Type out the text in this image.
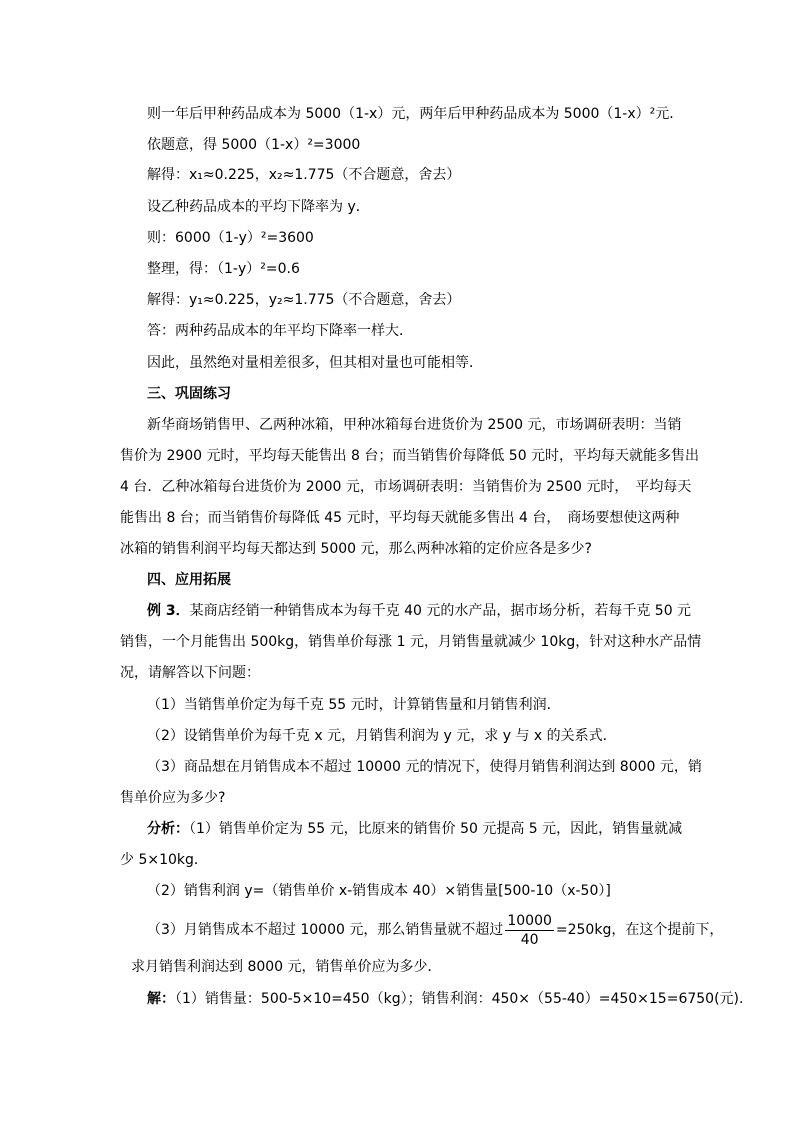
则一年后甲种药品成本为 5000（1-x）元，两年后甲种药品成本为 5000（1-x）²元．
依题意，得 5000（1-x）²=3000
解得：x₁≈0.225，x₂≈1.775（不合题意，舍去）
设乙种药品成本的平均下降率为 y．
则：6000（1-y）²=3600
整理，得：（1-y）²=0.6
解得：y₁≈0.225，y₂≈1.775（不合题意，舍去）
答：两种药品成本的年平均下降率一样大．
因此，虽然绝对量相差很多，但其相对量也可能相等．
三、巩固练习
新华商场销售甲、乙两种冰箱，甲种冰箱每台进货价为 2500 元，市场调研表明：当销
售价为 2900 元时，平均每天能售出 8 台；而当销售价每降低 50 元时，平均每天就能多售出
4 台．乙种冰箱每台进货价为 2000 元，市场调研表明：当销售价为 2500 元时，　平均每天
能售出 8 台；而当销售价每降低 45 元时，平均每天就能多售出 4 台，　商场要想使这两种
冰箱的销售利润平均每天都达到 5000 元，那么两种冰箱的定价应各是多少?
四、应用拓展
例 3．某商店经销一种销售成本为每千克 40 元的水产品，据市场分析，若每千克 50 元
销售，一个月能售出 500kg，销售单价每涨 1 元，月销售量就减少 10kg，针对这种水产品情
况，请解答以下问题：
（1）当销售单价定为每千克 55 元时，计算销售量和月销售利润．
（2）设销售单价为每千克 x 元，月销售利润为 y 元，求 y 与 x 的关系式．
（3）商品想在月销售成本不超过 10000 元的情况下，使得月销售利润达到 8000 元，销
售单价应为多少?
分析：（1）销售单价定为 55 元，比原来的销售价 50 元提高 5 元，因此，销售量就减
少 5×10kg．
（2）销售利润 y=（销售单价 x-销售成本 40）×销售量[500-10（x-50）]
（3）月销售成本不超过 10000 元，那么销售量就不超过 $\frac{10000}{40} =250kg$，在这个提前下，
求月销售利润达到 8000 元，销售单价应为多少．
解：（1）销售量：500-5×10=450（kg）；销售利润：450×（55-40）=450×15=6750(元).
